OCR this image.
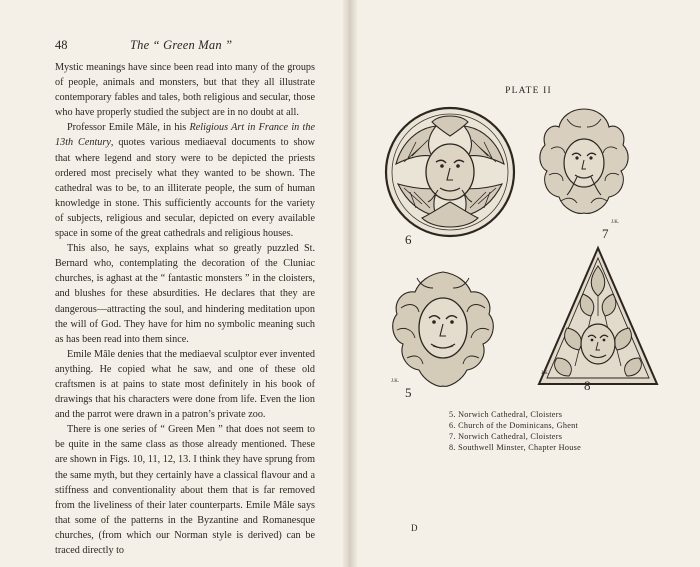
48	The “ Green Man ”

Mystic meanings have since been read into many of the groups of people, animals and monsters, but that they all illustrate contemporary fables and tales, both religious and secular, those who have properly studied the subject are in no doubt at all.

Professor Emile Mâle, in his Religious Art in France in the 13th Century, quotes various mediaeval documents to show that where legend and story were to be depicted the priests ordered most precisely what they wanted to be shown. The cathedral was to be, to an illiterate people, the sum of human knowledge in stone. This sufficiently accounts for the variety of subjects, religious and secular, depicted on every available space in some of the great cathedrals and religious houses.

This also, he says, explains what so greatly puzzled St. Bernard who, contemplating the decoration of the Cluniac churches, is aghast at the “ fantastic monsters ” in the cloisters, and blushes for these absurdities. He declares that they are dangerous—attracting the soul, and hindering meditation upon the will of God. They have for him no symbolic meaning such as has been read into them since.

Emile Mâle denies that the mediaeval sculptor ever invented anything. He copied what he saw, and one of these old craftsmen is at pains to state most definitely in his book of drawings that his characters were done from life. Even the lion and the parrot were drawn in a patron’s private zoo.

There is one series of “ Green Men ” that does not seem to be quite in the same class as those already mentioned. These are shown in Figs. 10, 11, 12, 13. I think they have sprung from the same myth, but they certainly have a classical flavour and a stiffness and conventionality about them that is far removed from the liveliness of their later counterparts. Emile Mâle says that some of the patterns in the Byzantine and Romanesque churches, (from which our Norman style is derived) can be traced directly to

PLATE II
6
J.K.
7
J.K.
5
J.K.
8
5. Norwich Cathedral, Cloisters
6. Church of the Dominicans, Ghent
7. Norwich Cathedral, Cloisters
8. Southwell Minster, Chapter House
D
